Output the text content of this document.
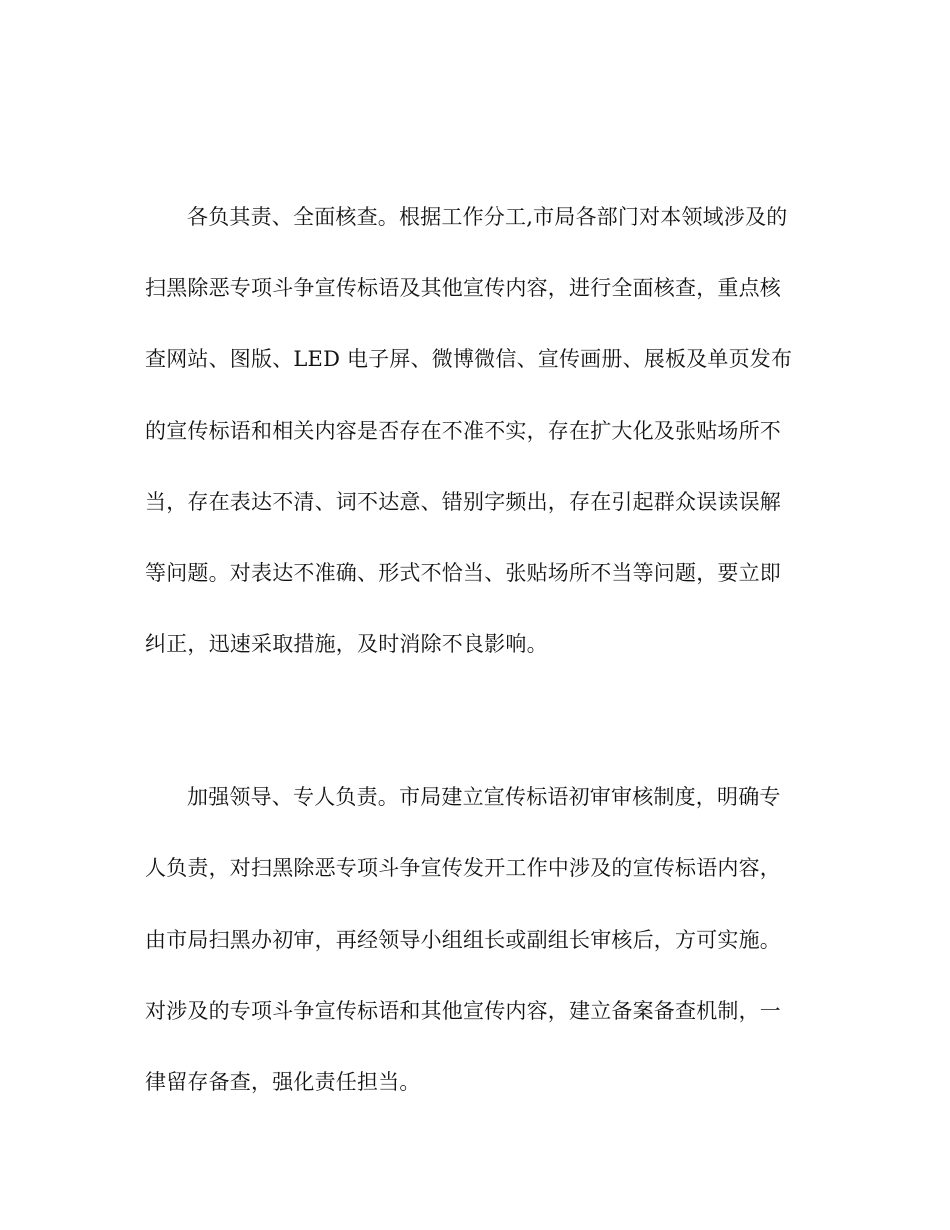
各负其责、全面核查。根据工作分工,市局各部门对本领域涉及的
扫黑除恶专项斗争宣传标语及其他宣传内容，进行全面核查，重点核
查网站、图版、LED 电子屏、微博微信、宣传画册、展板及单页发布
的宣传标语和相关内容是否存在不准不实，存在扩大化及张贴场所不
当，存在表达不清、词不达意、错别字频出，存在引起群众误读误解
等问题。对表达不准确、形式不恰当、张贴场所不当等问题，要立即
纠正，迅速采取措施，及时消除不良影响。
加强领导、专人负责。市局建立宣传标语初审审核制度，明确专
人负责，对扫黑除恶专项斗争宣传发开工作中涉及的宣传标语内容，
由市局扫黑办初审，再经领导小组组长或副组长审核后，方可实施。
对涉及的专项斗争宣传标语和其他宣传内容，建立备案备查机制，一
律留存备查，强化责任担当。
